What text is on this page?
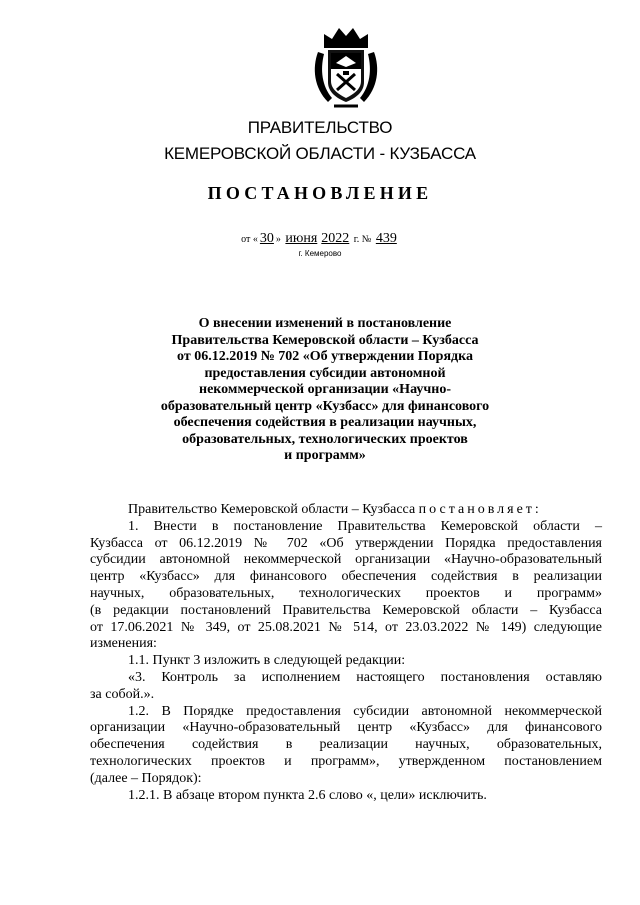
ПРАВИТЕЛЬСТВО
КЕМЕРОВСКОЙ ОБЛАСТИ - КУЗБАССА
ПОСТАНОВЛЕНИЕ
от « 30 » июня 2022 г. № 439
г. Кемерово
О внесении изменений в постановление
Правительства Кемеровской области – Кузбасса
от 06.12.2019 № 702 «Об утверждении Порядка
предоставления субсидии автономной
некоммерческой организации «Научно-
образовательный центр «Кузбасс» для финансового
обеспечения содействия в реализации научных,
образовательных, технологических проектов
и программ»
Правительство Кемеровской области – Кузбасса постановляет:
1. Внести в постановление Правительства Кемеровской области –
Кузбасса от 06.12.2019 № 702 «Об утверждении Порядка предоставления
субсидии автономной некоммерческой организации «Научно-образовательный
центр «Кузбасс» для финансового обеспечения содействия в реализации
научных, образовательных, технологических проектов и программ»
(в редакции постановлений Правительства Кемеровской области – Кузбасса
от 17.06.2021 № 349, от 25.08.2021 № 514, от 23.03.2022 № 149) следующие
изменения:
1.1. Пункт 3 изложить в следующей редакции:
«3. Контроль за исполнением настоящего постановления оставляю
за собой.».
1.2. В Порядке предоставления субсидии автономной некоммерческой
организации «Научно-образовательный центр «Кузбасс» для финансового
обеспечения содействия в реализации научных, образовательных,
технологических проектов и программ», утвержденном постановлением
(далее – Порядок):
1.2.1. В абзаце втором пункта 2.6 слово «, цели» исключить.
